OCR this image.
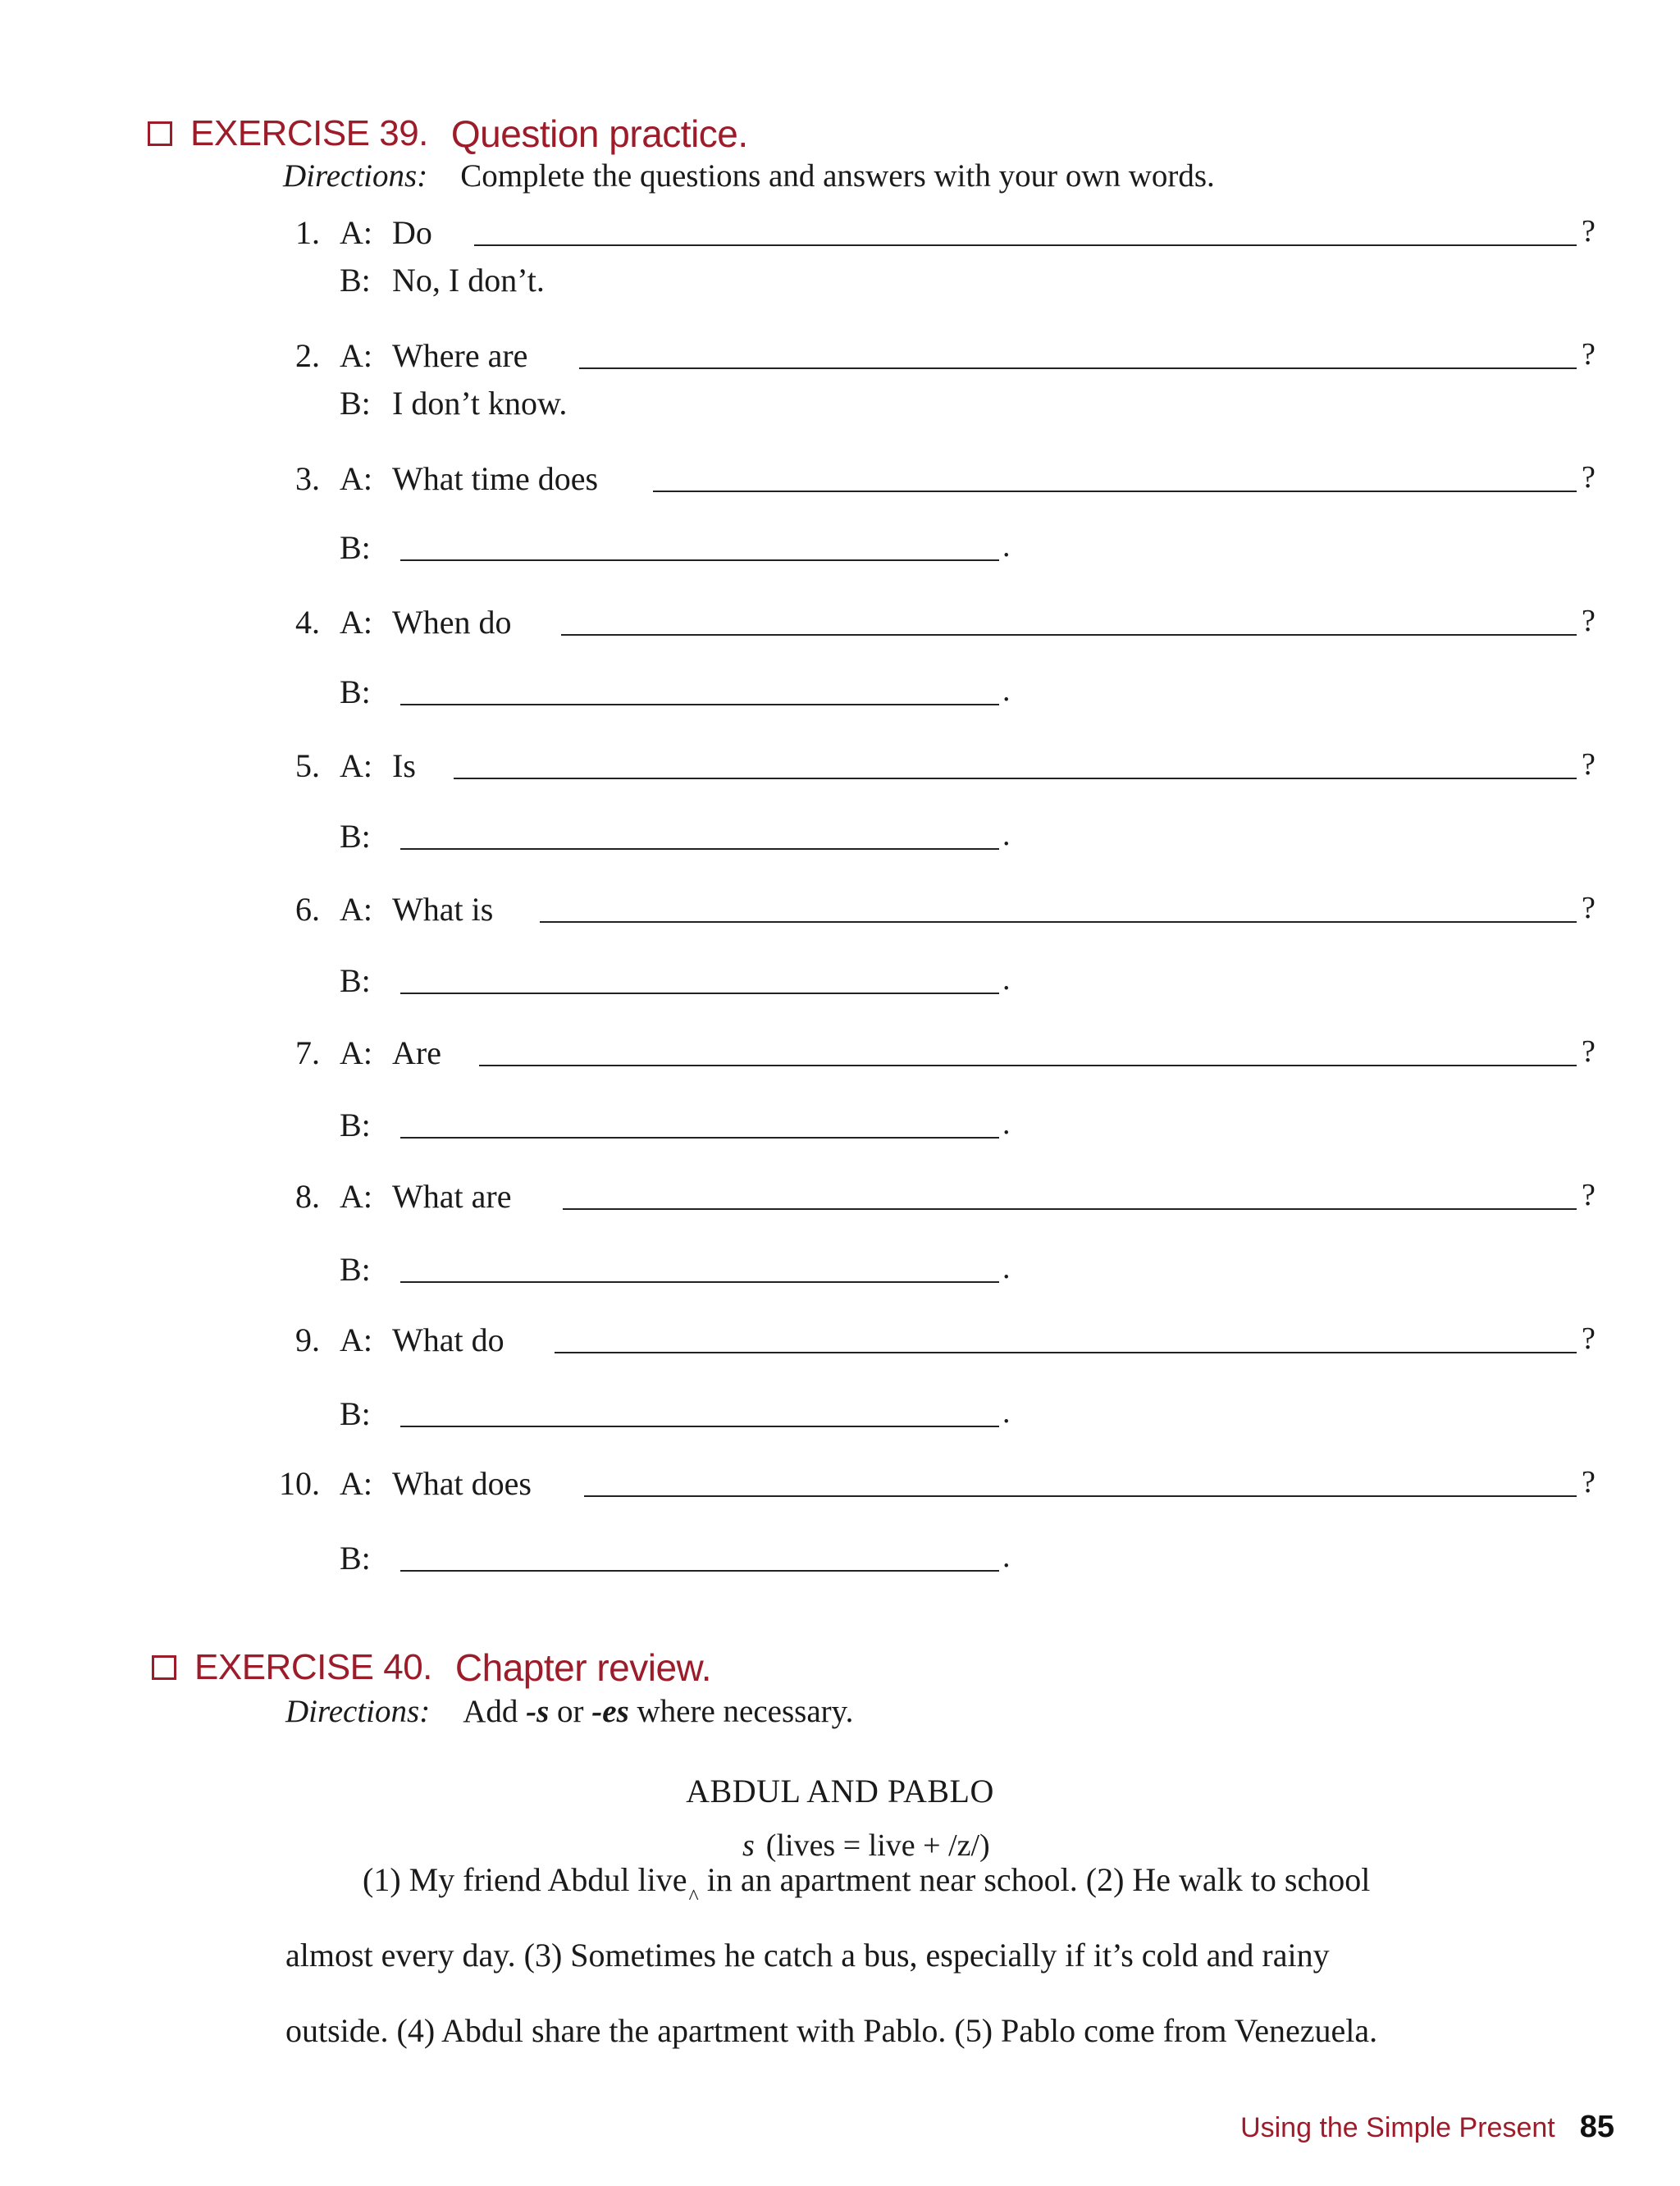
EXERCISE 39. Question practice.
Directions: Complete the questions and answers with your own words.
1. A: Do	?
B: No, I don’t.
2. A: Where are	?
B: I don’t know.
3. A: What time does	?
B:	.
4. A: When do	?
B:	.
5. A: Is	?
B:	.
6. A: What is	?
B:	.
7. A: Are	?
B:	.
8. A: What are	?
B:	.
9. A: What do	?
B:	.
10. A: What does	?
B:	.
EXERCISE 40. Chapter review.
Directions: Add -s or -es where necessary.
ABDUL AND PABLO
s (lives = live + /z/)
(1) My friend Abdul live$_{\^{}}$ in an apartment near school. (2) He walk to school
almost every day. (3) Sometimes he catch a bus, especially if it’s cold and rainy
outside. (4) Abdul share the apartment with Pablo. (5) Pablo come from Venezuela.
Using the Simple Present 85
